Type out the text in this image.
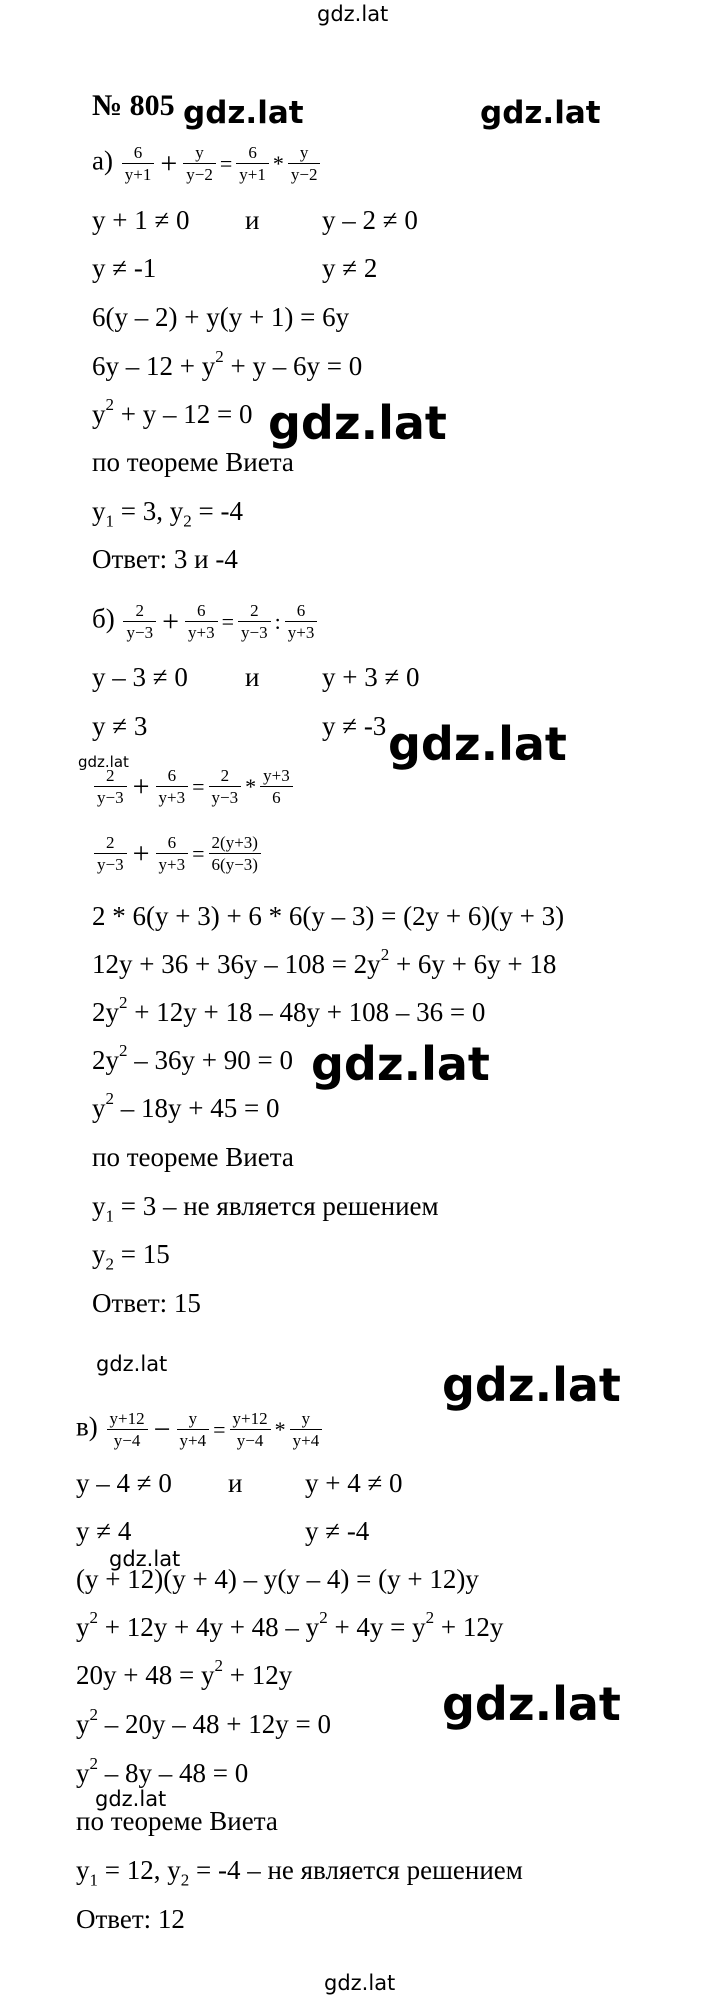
gdz.lat
gdz.lat	gdz.lat
gdz.lat
gdz.lat	gdz.lat
gdz.lat
gdz.lat	gdz.lat
gdz.lat
gdz.lat
gdz.lat
gdz.lat
№ 805
$а) \frac{6}{y+1} + \frac{y}{y-2} = \frac{6}{y+1} * \frac{y}{y-2}$
y + 1 ≠ 0 и y – 2 ≠ 0
y ≠ -1	y ≠ 2
6(y – 2) + y(y + 1) = 6y
$6y - 12 + y^2 + y - 6y = 0$
$y^2 + y - 12 = 0$
по теореме Виета
$y_1 = 3$, $y_2 = -4$
Ответ: 3 и -4
$б) \frac{2}{y-3} + \frac{6}{y+3} = \frac{2}{y-3}$ : $\frac{6}{y+3}$
y – 3 ≠ 0 и y + 3 ≠ 0
y ≠ 3	y ≠ -3
$\frac{2}{y-3} + \frac{6}{y+3} = \frac{2}{y-3} * \frac{y+3}{6}$
$\frac{2}{y-3} + \frac{6}{y+3} = \frac{2(y+3)}{6(y-3)}$
2 * 6(y + 3) + 6 * 6(y – 3) = (2y + 6)(y + 3)
$12y + 36 + 36y - 108 = 2y^2 + 6y + 6y + 18$
$2y^2 + 12y + 18 - 48y + 108 - 36 = 0$
$2y^2 - 36y + 90 = 0$
$y^2 - 18y + 45 = 0$
по теореме Виета
$y_1 = 3$ – не является решением
$y_2 = 15$
Ответ: 15
$в) \frac{y+12}{y-4} - \frac{y}{y+4} = \frac{y+12}{y-4} * \frac{y}{y+4}$
y – 4 ≠ 0 и y + 4 ≠ 0
y ≠ 4	y ≠ -4
(y + 12)(y + 4) – y(y – 4) = (y + 12)y
$y^2 + 12y + 4y + 48 - y^2 + 4y = y^2 + 12y$
$20y + 48 = y^2 + 12y$
$y^2 - 20y - 48 + 12y = 0$
$y^2 - 8y - 48 = 0$
по теореме Виета
$y_1 = 12$, $y_2 = -4$ – не является решением
Ответ: 12
